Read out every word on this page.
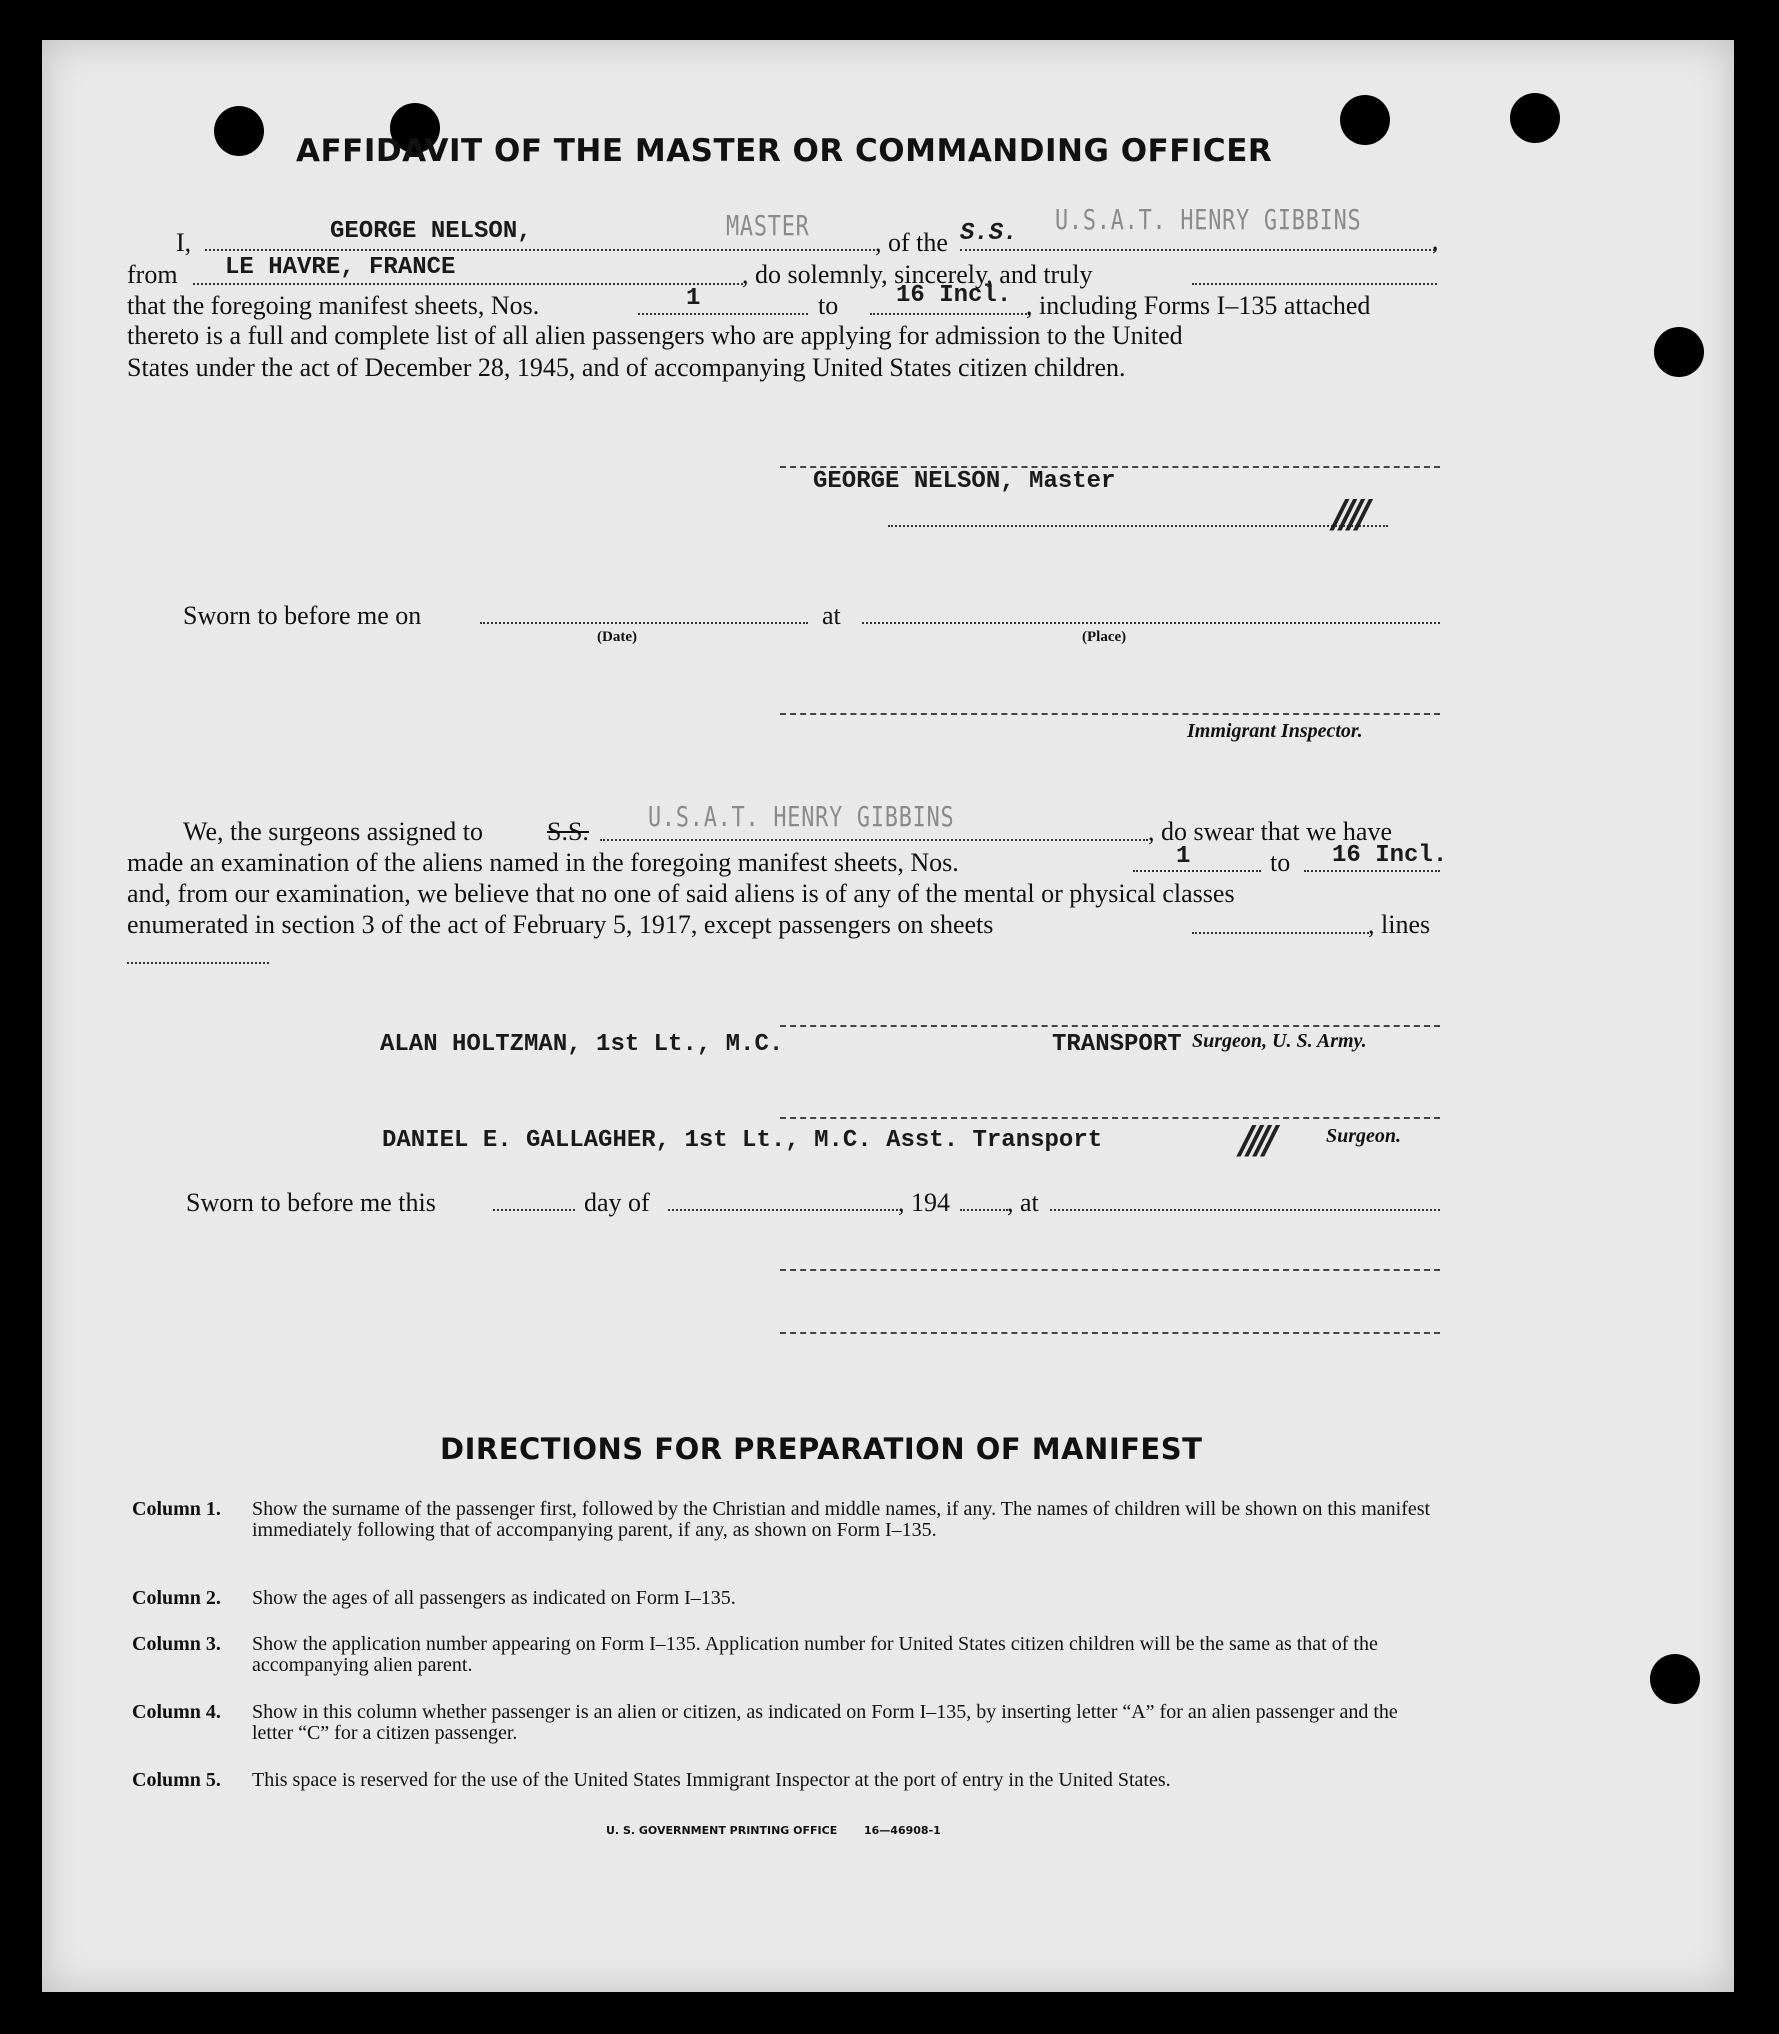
AFFIDAVIT OF THE MASTER OR COMMANDING OFFICER
I,	GEORGE NELSON,	MASTER
, of the S.S. U.S.A.T. HENRY GIBBINS
,
from LE HAVRE, FRANCE	, do solemnly, sincerely, and truly
that the foregoing manifest sheets, Nos.	1	to 16 Incl. , including Forms I–135 attached
thereto is a full and complete list of all alien passengers who are applying for admission to the United
States under the act of December 28, 1945, and of accompanying United States citizen children.
GEORGE NELSON, Master
////
Sworn to before me on
(Date)
at
(Place)
Immigrant Inspector.
We, the surgeons assigned to S.S. U.S.A.T. HENRY GIBBINS	, do swear that we have
made an examination of the aliens named in the foregoing manifest sheets, Nos.	1	to 16 Incl.
and, from our examination, we believe that no one of said aliens is of any of the mental or physical classes
enumerated in section 3 of the act of February 5, 1917, except passengers on sheets	, lines
ALAN HOLTZMAN, 1st Lt., M.C.	TRANSPORT Surgeon, U. S. Army.
DANIEL E. GALLAGHER, 1st Lt., M.C. Asst. Transport	////	Surgeon.
Sworn to before me this	day of	, 194 , at
DIRECTIONS FOR PREPARATION OF MANIFEST
Column 1. Show the surname of the passenger first, followed by the Christian and middle names, if any. The names of children will be shown on this manifest immediately following that of accompanying parent, if any, as shown on Form I–135.
Column 2. Show the ages of all passengers as indicated on Form I–135.
Column 3. Show the application number appearing on Form I–135. Application number for United States citizen children will be the same as that of the accompanying alien parent.
Column 4. Show in this column whether passenger is an alien or citizen, as indicated on Form I–135, by inserting letter “A” for an alien passenger and the letter “C” for a citizen passenger.
Column 5. This space is reserved for the use of the United States Immigrant Inspector at the port of entry in the United States.
U. S. GOVERNMENT PRINTING OFFICE 16—46908-1
